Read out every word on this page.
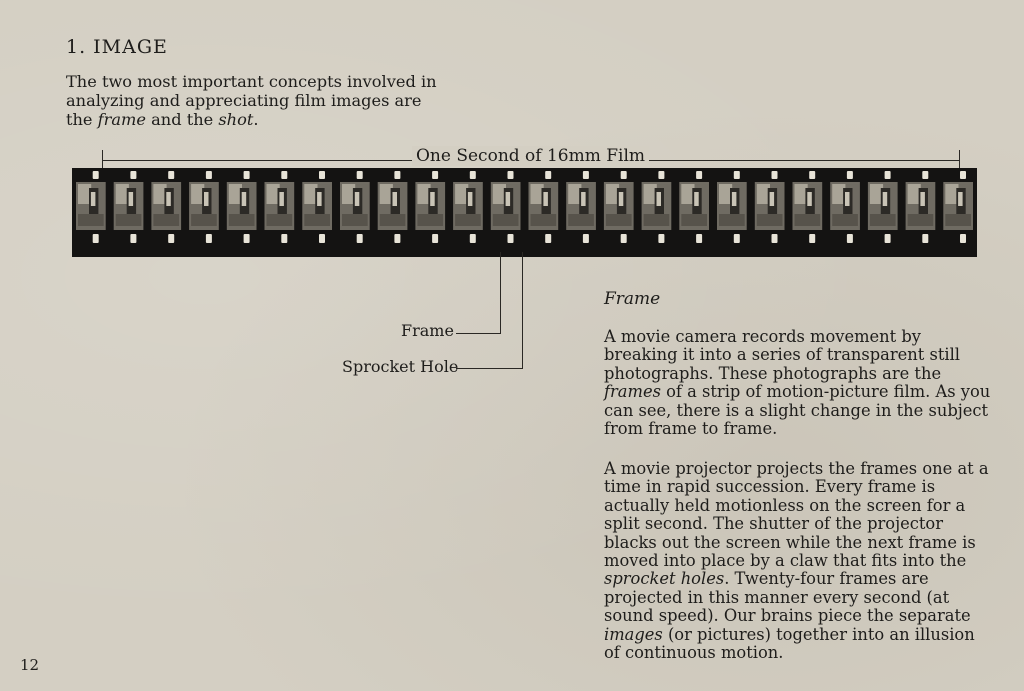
1. IMAGE

The two most important concepts involved in analyzing and appreciating film images are the frame and the shot.

One Second of 16mm Film
Frame
Sprocket Hole
Frame

A movie camera records movement by breaking it into a series of transparent still photographs. These photographs are the frames of a strip of motion-picture film. As you can see, there is a slight change in the subject from frame to frame.

A movie projector projects the frames one at a time in rapid succession. Every frame is actually held motionless on the screen for a split second. The shutter of the projector blacks out the screen while the next frame is moved into place by a claw that fits into the sprocket holes. Twenty-four frames are projected in this manner every second (at sound speed). Our brains piece the separate images (or pictures) together into an illusion of continuous motion.

12
